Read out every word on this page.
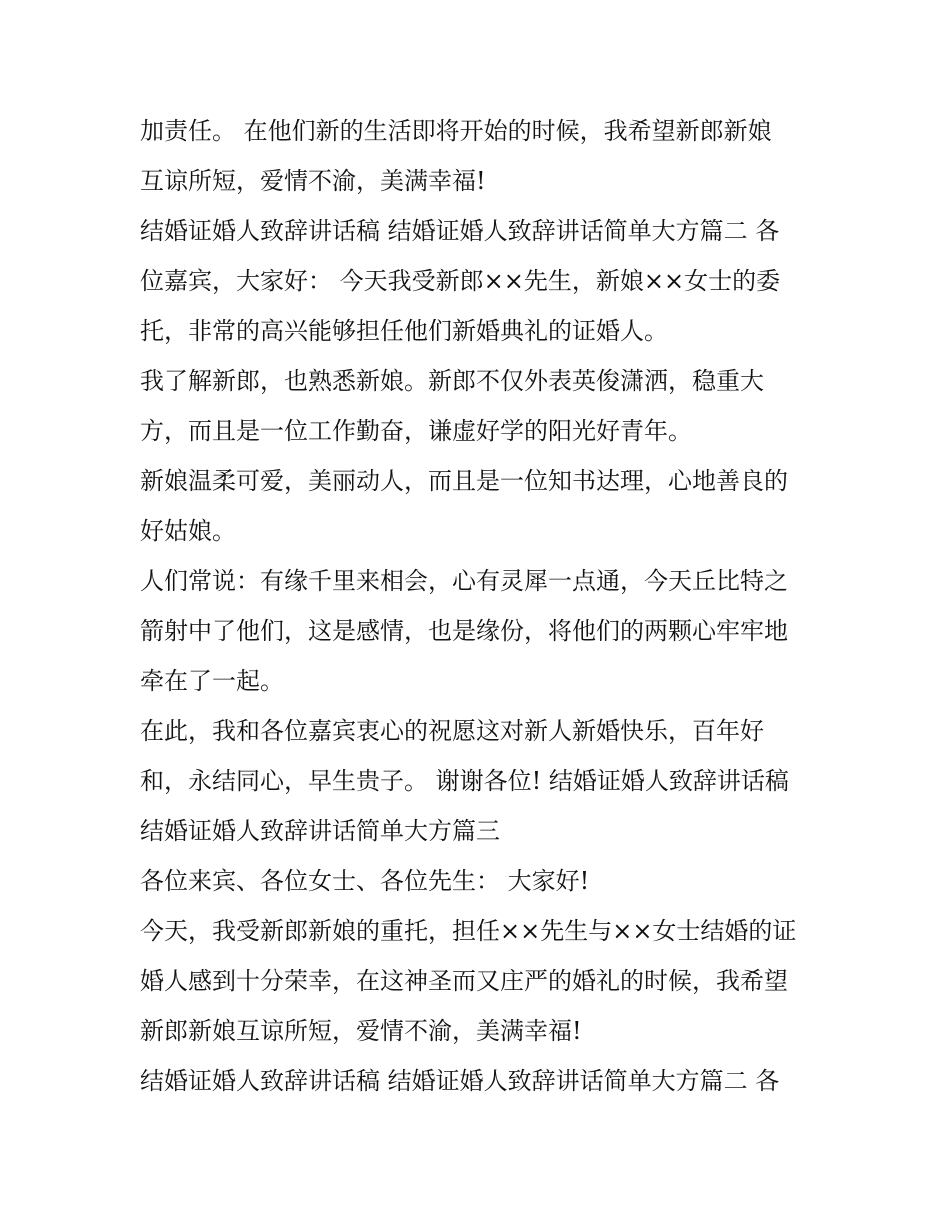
加责任。 在他们新的生活即将开始的时候，我希望新郎新娘

互谅所短，爱情不渝，美满幸福!

结婚证婚人致辞讲话稿 结婚证婚人致辞讲话简单大方篇二 各

位嘉宾，大家好： 今天我受新郎××先生，新娘××女士的委

托，非常的高兴能够担任他们新婚典礼的证婚人。

我了解新郎，也熟悉新娘。新郎不仅外表英俊潇洒，稳重大

方，而且是一位工作勤奋，谦虚好学的阳光好青年。

新娘温柔可爱，美丽动人，而且是一位知书达理，心地善良的

好姑娘。

人们常说：有缘千里来相会，心有灵犀一点通，今天丘比特之

箭射中了他们，这是感情，也是缘份，将他们的两颗心牢牢地

牵在了一起。

在此，我和各位嘉宾衷心的祝愿这对新人新婚快乐，百年好

和，永结同心，早生贵子。 谢谢各位! 结婚证婚人致辞讲话稿

结婚证婚人致辞讲话简单大方篇三

各位来宾、各位女士、各位先生： 大家好!

今天，我受新郎新娘的重托，担任××先生与××女士结婚的证

婚人感到十分荣幸，在这神圣而又庄严的婚礼的时候，我希望

新郎新娘互谅所短，爱情不渝，美满幸福!

结婚证婚人致辞讲话稿 结婚证婚人致辞讲话简单大方篇二 各
